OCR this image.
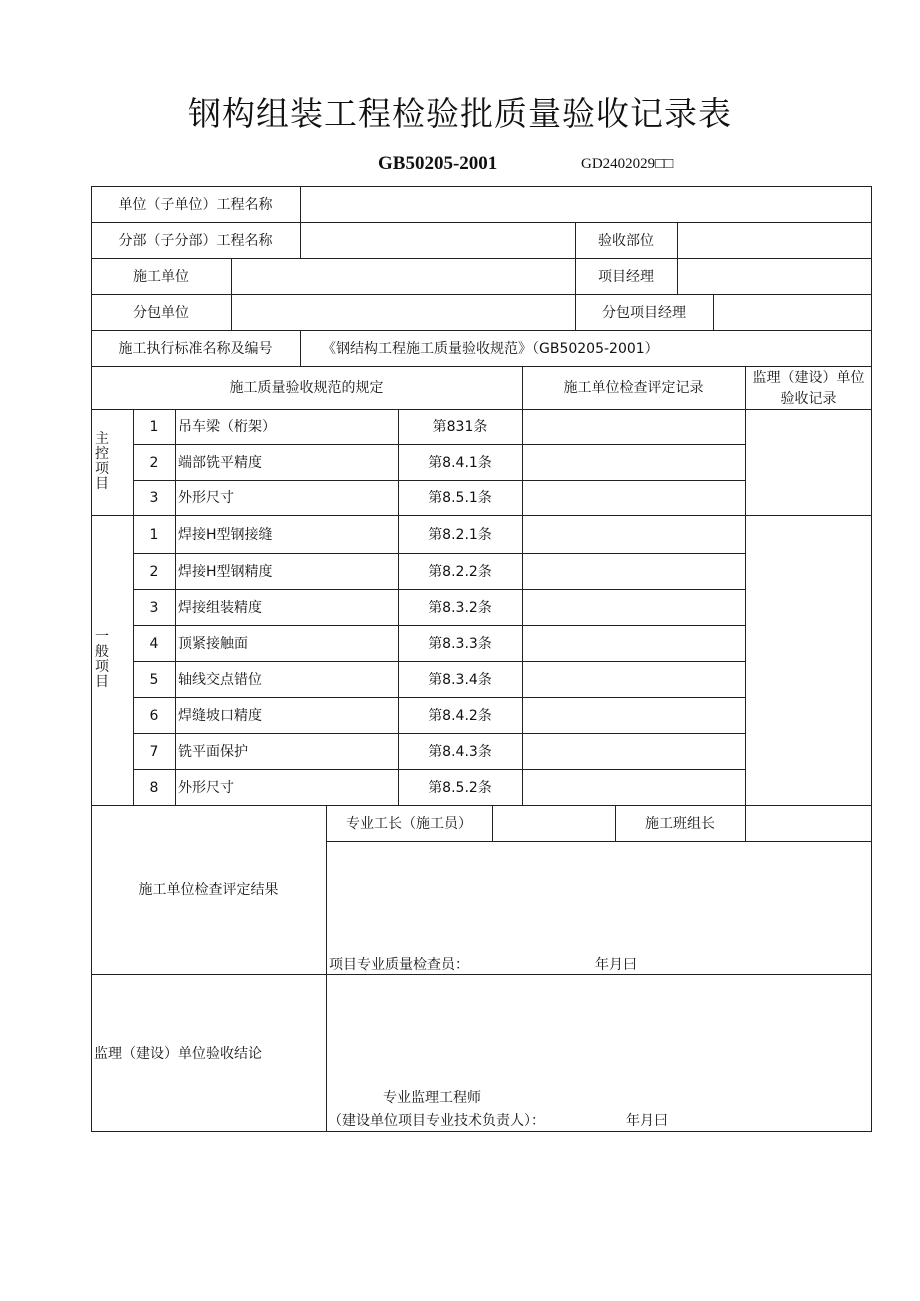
钢构组装工程检验批质量验收记录表
GB50205-2001	GD2402029□□
单位（子单位）工程名称
分部（子分部）工程名称	验收部位
施工单位	项目经理
分包单位	分包项目经理
施工执行标准名称及编号	《钢结构工程施工质量验收规范》（GB50205-2001）
施工质量验收规范的规定	施工单位检查评定记录
监理（建设）单位
验收记录
主控项目
1	吊车梁（桁架）	第831条
2	端部铣平精度	第8.4.1条
3	外形尺寸	第8.5.1条
一般项目
1	焊接H型钢接缝	第8.2.1条
2	焊接H型钢精度	第8.2.2条
3	焊接组装精度	第8.3.2条
4	顶紧接触面	第8.3.3条
5	轴线交点错位	第8.3.4条
6	焊缝坡口精度	第8.4.2条
7	铣平面保护	第8.4.3条
8	外形尺寸	第8.5.2条
施工单位检查评定结果
专业工长（施工员）	施工班组长
项目专业质量检查员：	年月曰
监理（建设）单位验收结论
专业监理工程师
（建设单位项目专业技术负责人）：	年月曰
